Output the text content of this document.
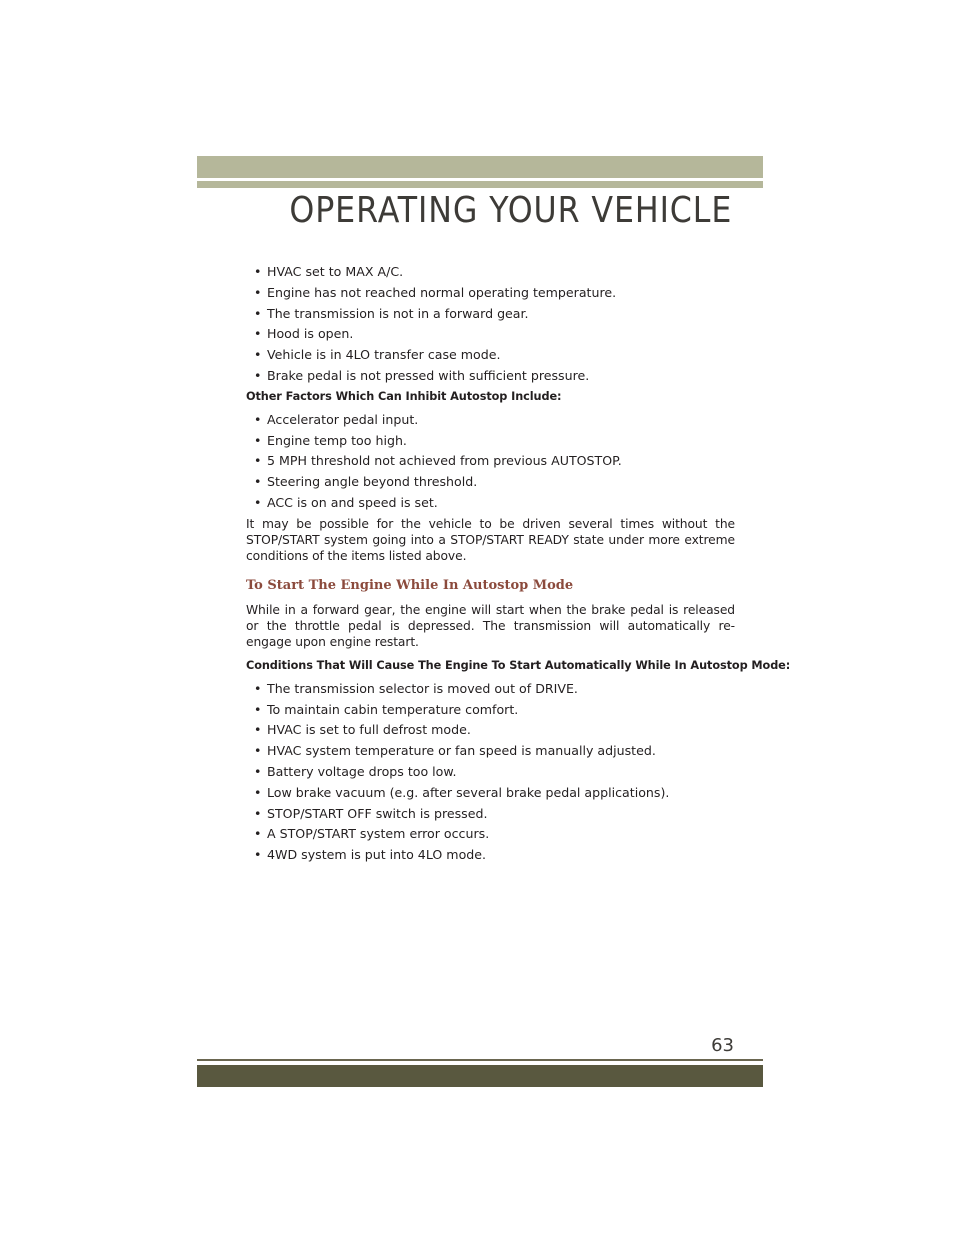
OPERATING YOUR VEHICLE
• HVAC set to MAX A/C.
• Engine has not reached normal operating temperature.
• The transmission is not in a forward gear.
• Hood is open.
• Vehicle is in 4LO transfer case mode.
• Brake pedal is not pressed with sufficient pressure.
Other Factors Which Can Inhibit Autostop Include:
• Accelerator pedal input.
• Engine temp too high.
• 5 MPH threshold not achieved from previous AUTOSTOP.
• Steering angle beyond threshold.
• ACC is on and speed is set.

It may be possible for the vehicle to be driven several times without the STOP/START system going into a STOP/START READY state under more extreme conditions of the items listed above.

To Start The Engine While In Autostop Mode

While in a forward gear, the engine will start when the brake pedal is released or the throttle pedal is depressed. The transmission will automatically re-engage upon engine restart.

Conditions That Will Cause The Engine To Start Automatically While In Autostop Mode:
• The transmission selector is moved out of DRIVE.
• To maintain cabin temperature comfort.
• HVAC is set to full defrost mode.
• HVAC system temperature or fan speed is manually adjusted.
• Battery voltage drops too low.
• Low brake vacuum (e.g. after several brake pedal applications).
• STOP/START OFF switch is pressed.
• A STOP/START system error occurs.
• 4WD system is put into 4LO mode.
63
